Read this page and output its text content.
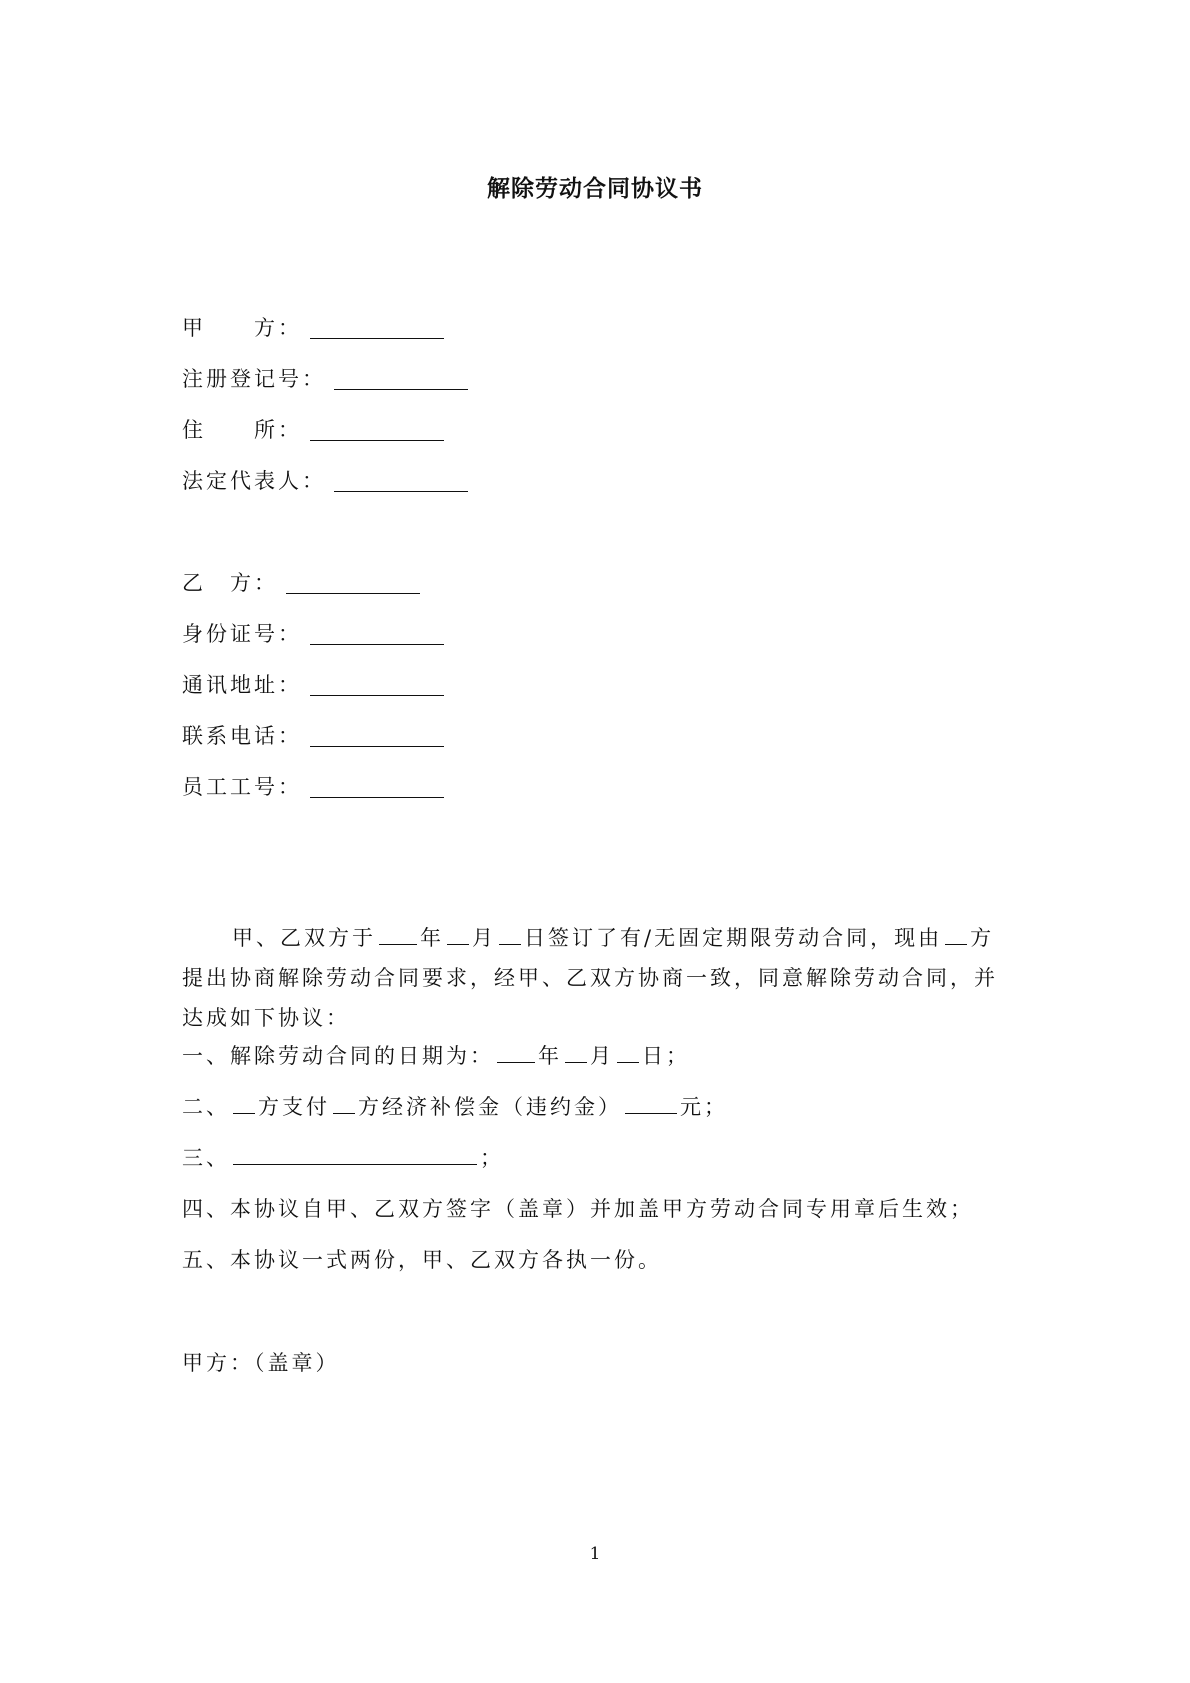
解除劳动合同协议书
甲　　方：
注册登记号：
住　　所：
法定代表人：
乙　方：
身份证号：
通讯地址：
联系电话：
员工工号：
甲、乙双方于 年 月 日签订了有/无固定期限劳动合同，现由 方提出协商解除劳动合同要求，经甲、乙双方协商一致，同意解除劳动合同，并达成如下协议：
一、解除劳动合同的日期为： 年 月 日；
二、 方支付 方经济补偿金（违约金）	元；
三、	；
四、本协议自甲、乙双方签字（盖章）并加盖甲方劳动合同专用章后生效；
五、本协议一式两份，甲、乙双方各执一份。
甲方：（盖章）
1
